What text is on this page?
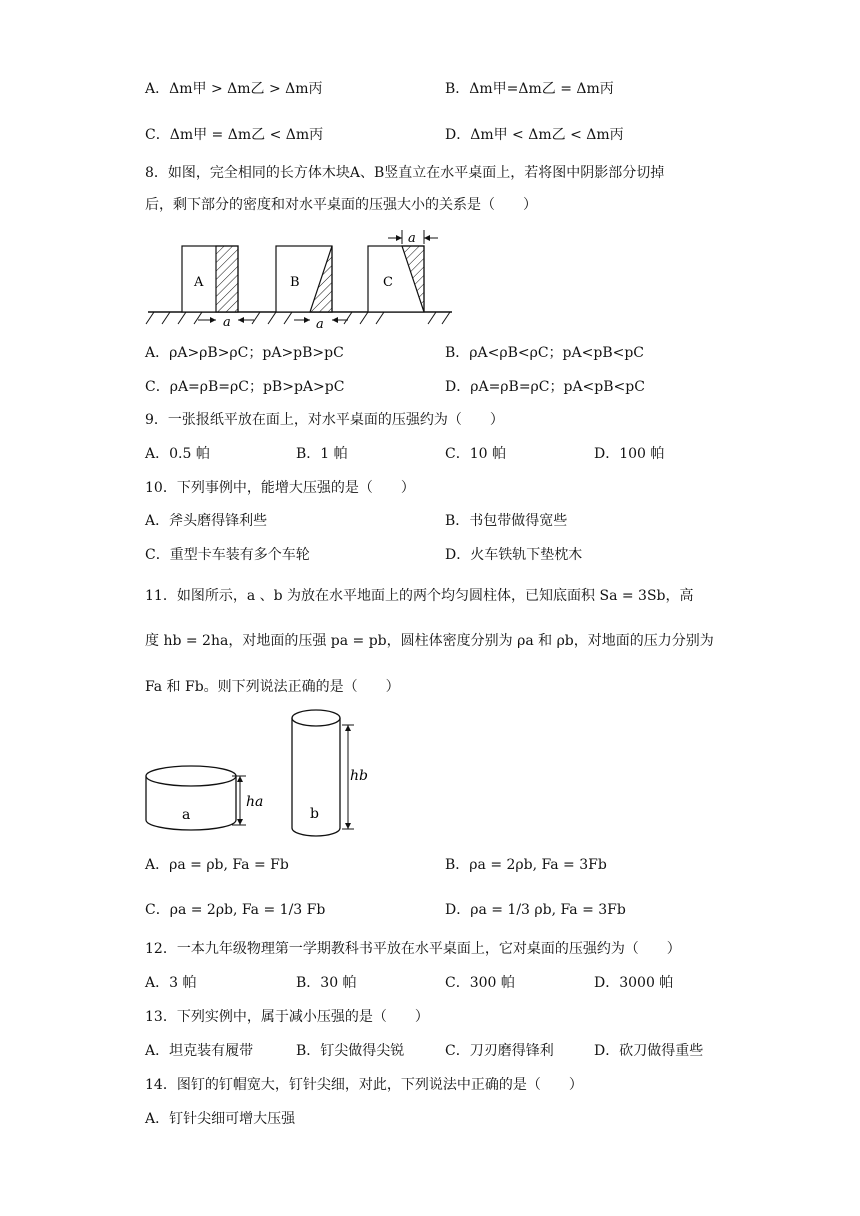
A．Δm甲 > Δm乙 > Δm丙	B．Δm甲=Δm乙 = Δm丙
C．Δm甲 = Δm乙 < Δm丙	D．Δm甲 < Δm乙 < Δm丙
8．如图，完全相同的长方体木块A、B竖直立在水平桌面上，若将图中阴影部分切掉
后，剩下部分的密度和对水平桌面的压强大小的关系是（　　）
A
a
B
a
C
a
A．ρA>ρB>ρC；pA>pB>pC	B．ρA<ρB<ρC；pA<pB<pC
C．ρA=ρB=ρC；pB>pA>pC	D．ρA=ρB=ρC；pA<pB<pC
9．一张报纸平放在面上，对水平桌面的压强约为（　　）
A．0.5 帕	B．1 帕	C．10 帕	D．100 帕
10．下列事例中，能增大压强的是（　　）
A．斧头磨得锋利些	B．书包带做得宽些
C．重型卡车装有多个车轮	D．火车铁轨下垫枕木
11．如图所示，a 、b 为放在水平地面上的两个均匀圆柱体，已知底面积 Sa = 3Sb，高
度 hb = 2ha，对地面的压强 pa = pb，圆柱体密度分别为 ρa 和 ρb，对地面的压力分别为
Fa 和 Fb。则下列说法正确的是（　　）
a
ha
b
hb
A．ρa = ρb, Fa = Fb	B．ρa = 2ρb, Fa = 3Fb
C．ρa = 2ρb, Fa = 1/3 Fb	D．ρa = 1/3 ρb, Fa = 3Fb
12．一本九年级物理第一学期教科书平放在水平桌面上，它对桌面的压强约为（　　）
A．3 帕	B．30 帕	C．300 帕	D．3000 帕
13．下列实例中，属于减小压强的是（　　）
A．坦克装有履带	B．钉尖做得尖锐	C．刀刃磨得锋利	D．砍刀做得重些
14．图钉的钉帽宽大，钉针尖细，对此，下列说法中正确的是（　　）
A．钉针尖细可增大压强
